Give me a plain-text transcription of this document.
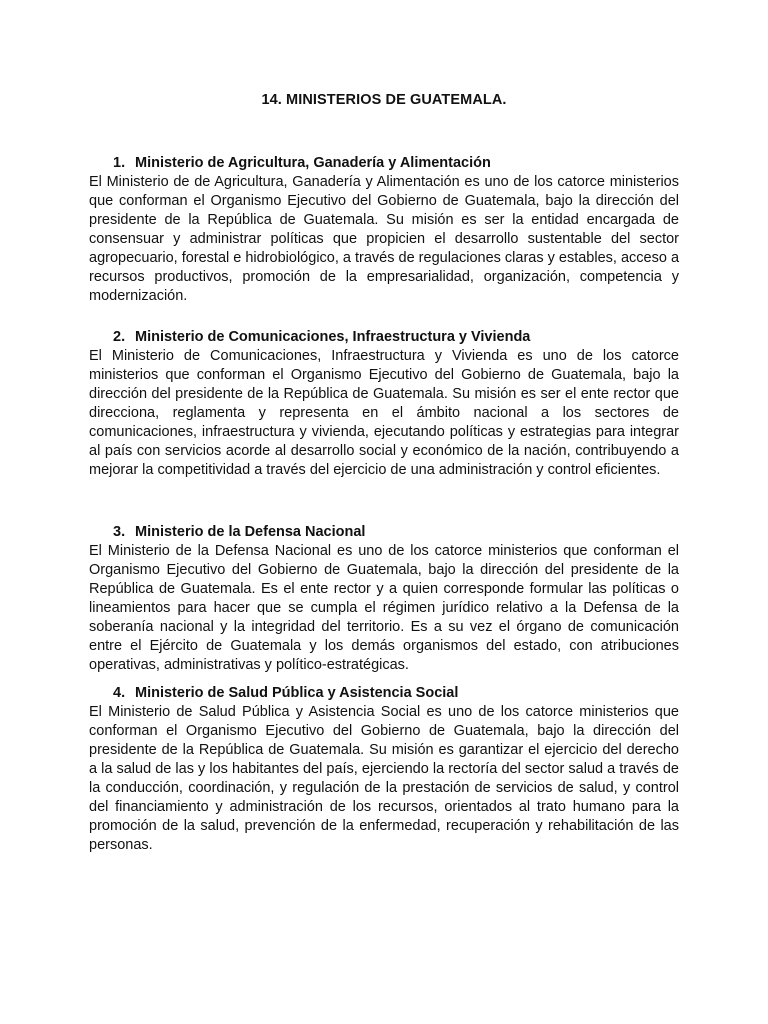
14. MINISTERIOS DE GUATEMALA.
1. Ministerio de Agricultura, Ganadería y Alimentación

El Ministerio de de Agricultura, Ganadería y Alimentación es uno de los catorce ministerios que conforman el Organismo Ejecutivo del Gobierno de Guatemala, bajo la dirección del presidente de la República de Guatemala. Su misión es ser la entidad encargada de consensuar y administrar políticas que propicien el desarrollo sustentable del sector agropecuario, forestal e hidrobiológico, a través de regulaciones claras y estables, acceso a recursos productivos, promoción de la empresarialidad, organización, competencia y modernización.

2. Ministerio de Comunicaciones, Infraestructura y Vivienda

El Ministerio de Comunicaciones, Infraestructura y Vivienda es uno de los catorce ministerios que conforman el Organismo Ejecutivo del Gobierno de Guatemala, bajo la dirección del presidente de la República de Guatemala. Su misión es ser el ente rector que direcciona, reglamenta y representa en el ámbito nacional a los sectores de comunicaciones, infraestructura y vivienda, ejecutando políticas y estrategias para integrar al país con servicios acorde al desarrollo social y económico de la nación, contribuyendo a mejorar la competitividad a través del ejercicio de una administración y control eficientes.

3. Ministerio de la Defensa Nacional

El Ministerio de la Defensa Nacional es uno de los catorce ministerios que conforman el Organismo Ejecutivo del Gobierno de Guatemala, bajo la dirección del presidente de la República de Guatemala. Es el ente rector y a quien corresponde formular las políticas o lineamientos para hacer que se cumpla el régimen jurídico relativo a la Defensa de la soberanía nacional y la integridad del territorio. Es a su vez el órgano de comunicación entre el Ejército de Guatemala y los demás organismos del estado, con atribuciones operativas, administrativas y político-estratégicas.

4. Ministerio de Salud Pública y Asistencia Social

El Ministerio de Salud Pública y Asistencia Social es uno de los catorce ministerios que conforman el Organismo Ejecutivo del Gobierno de Guatemala, bajo la dirección del presidente de la República de Guatemala. Su misión es garantizar el ejercicio del derecho a la salud de las y los habitantes del país, ejerciendo la rectoría del sector salud a través de la conducción, coordinación, y regulación de la prestación de servicios de salud, y control del financiamiento y administración de los recursos, orientados al trato humano para la promoción de la salud, prevención de la enfermedad, recuperación y rehabilitación de las personas.
